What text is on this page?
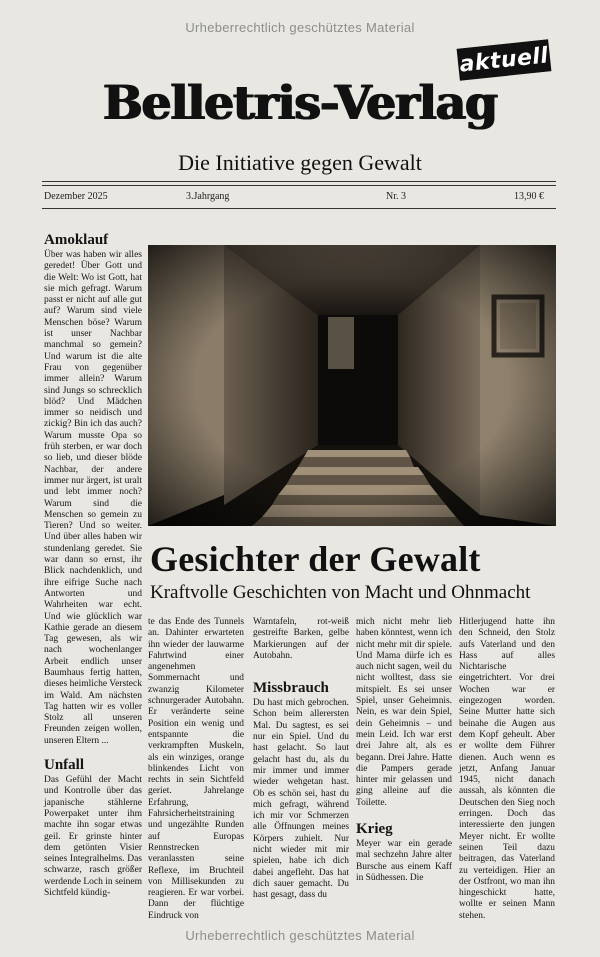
Urheberrechtlich geschütztes Material
aktuell
Belletris-Verlag
Die Initiative gegen Gewalt
Dezember 2025	3.Jahrgang	Nr. 3	13,90 €
Amoklauf

Über was haben wir alles geredet! Über Gott und die Welt: Wo ist Gott, hat sie mich gefragt. Warum passt er nicht auf alle gut auf? Warum sind viele Menschen böse? Warum ist unser Nachbar manchmal so gemein? Und warum ist die alte Frau von gegenüber immer allein? Warum sind Jungs so schrecklich blöd? Und Mädchen immer so neidisch und zickig? Bin ich das auch? Warum musste Opa so früh sterben, er war doch so lieb, und dieser blöde Nachbar, der andere immer nur ärgert, ist uralt und lebt immer noch? Warum sind die Menschen so gemein zu Tieren? Und so weiter. Und über alles haben wir stundenlang geredet. Sie war dann so ernst, ihr Blick nachdenklich, und ihre eifrige Suche nach Antworten und Wahrheiten war echt. Und wie glücklich war Kathie gerade an diesem Tag gewesen, als wir nach wochenlanger Arbeit endlich unser Baumhaus fertig hatten, dieses heimliche Versteck im Wald. Am nächsten Tag hatten wir es voller Stolz all unseren Freunden zeigen wollen, unseren Eltern ...

Unfall

Das Gefühl der Macht und Kontrolle über das japanische stählerne Powerpaket unter ihm machte ihn sogar etwas geil. Er grinste hinter dem getönten Visier seines Integralhelms. Das schwarze, rasch größer werdende Loch in seinem Sichtfeld kündig-

Gesichter der Gewalt
Kraftvolle Geschichten von Macht und Ohnmacht

te das Ende des Tunnels an. Dahinter erwarteten ihn wieder der lauwarme Fahrtwind einer angenehmen Sommernacht und zwanzig Kilometer schnurgerader Autobahn. Er veränderte seine Position ein wenig und entspannte die verkrampften Muskeln, als ein winziges, orange blinkendes Licht von rechts in sein Sichtfeld geriet. Jahrelange Erfahrung, Fahrsicherheitstraining und ungezählte Runden auf Europas Rennstrecken veranlassten seine Reflexe, im Bruchteil von Millisekunden zu reagieren. Er war vorbei. Dann der flüchtige Eindruck von

Warntafeln, rot-weiß gestreifte Barken, gelbe Markierungen auf der Autobahn.

Missbrauch

Du hast mich gebrochen. Schon beim allerersten Mal. Du sagtest, es sei nur ein Spiel. Und du hast gelacht. So laut gelacht hast du, als du mir immer und immer wieder wehgetan hast. Ob es schön sei, hast du mich gefragt, während ich mir vor Schmerzen alle Öffnungen meines Körpers zuhielt. Nur nicht wieder mit mir spielen, habe ich dich dabei angefleht. Das hat dich sauer gemacht. Du hast gesagt, dass du

mich nicht mehr lieb haben könntest, wenn ich nicht mehr mit dir spiele. Und Mama dürfe ich es auch nicht sagen, weil du nicht wolltest, dass sie mitspielt. Es sei unser Spiel, unser Geheimnis. Nein, es war dein Spiel, dein Geheimnis – und mein Leid. Ich war erst drei Jahre alt, als es begann. Drei Jahre. Hatte die Pampers gerade hinter mir gelassen und ging alleine auf die Toilette.

Krieg

Meyer war ein gerade mal sechzehn Jahre alter Bursche aus einem Kaff in Südhessen. Die

Hitlerjugend hatte ihn den Schneid, den Stolz aufs Vaterland und den Hass auf alles Nichtarische eingetrichtert. Vor drei Wochen war er eingezogen worden. Seine Mutter hatte sich beinahe die Augen aus dem Kopf geheult. Aber er wollte dem Führer dienen. Auch wenn es jetzt, Anfang Januar 1945, nicht danach aussah, als könnten die Deutschen den Sieg noch erringen. Doch das interessierte den jungen Meyer nicht. Er wollte seinen Teil dazu beitragen, das Vaterland zu verteidigen. Hier an der Ostfront, wo man ihn hingeschickt hatte, wollte er seinen Mann stehen.

Urheberrechtlich geschütztes Material
